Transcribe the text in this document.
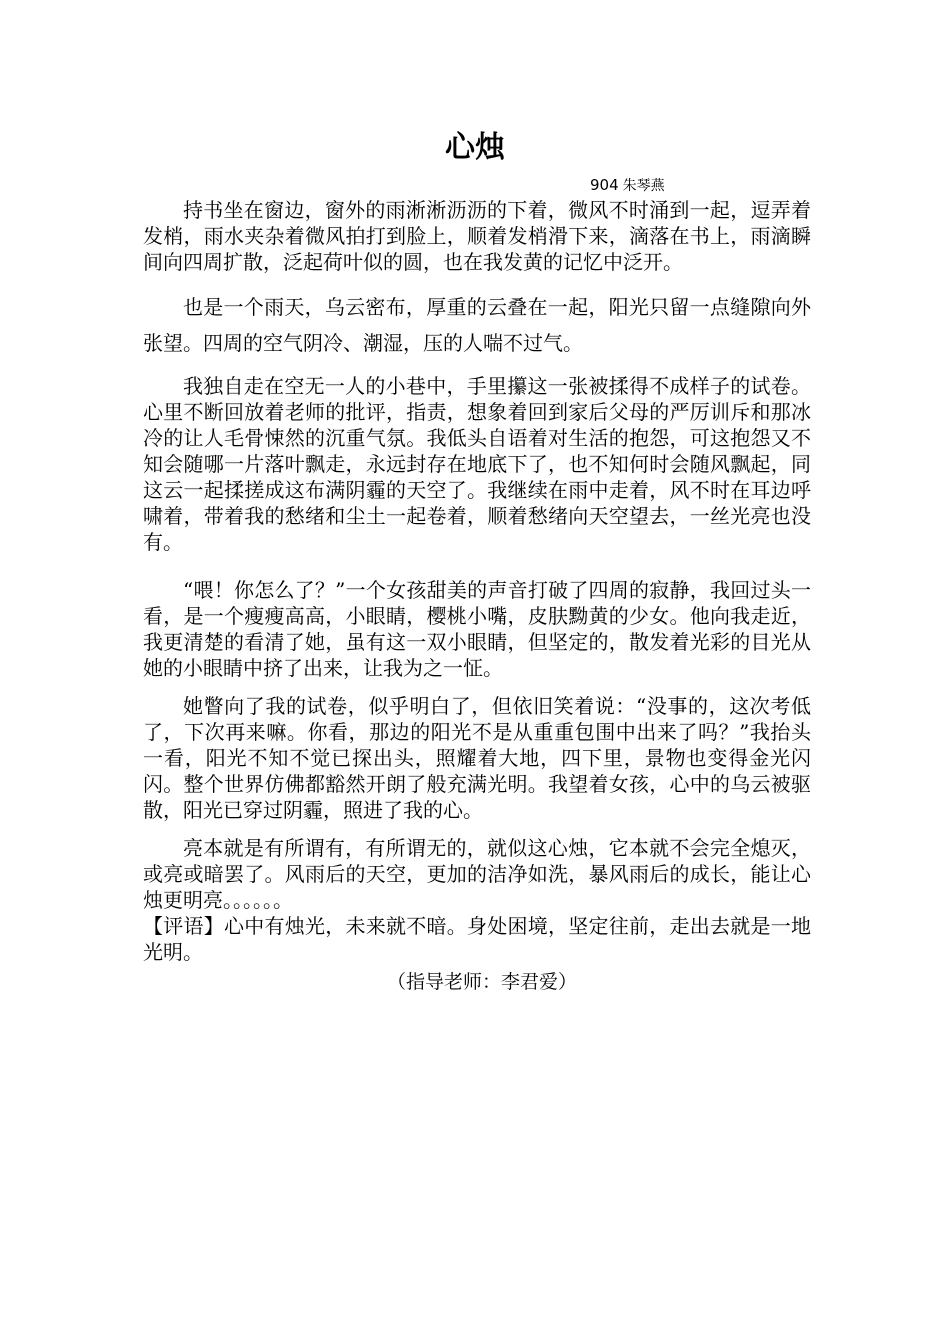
心烛
904 朱琴燕

持书坐在窗边，窗外的雨淅淅沥沥的下着，微风不时涌到一起，逗弄着发梢，雨水夹杂着微风拍打到脸上，顺着发梢滑下来，滴落在书上，雨滴瞬间向四周扩散，泛起荷叶似的圆，也在我发黄的记忆中泛开。

也是一个雨天，乌云密布，厚重的云叠在一起，阳光只留一点缝隙向外张望。四周的空气阴冷、潮湿，压的人喘不过气。

我独自走在空无一人的小巷中，手里攥这一张被揉得不成样子的试卷。心里不断回放着老师的批评，指责，想象着回到家后父母的严厉训斥和那冰冷的让人毛骨悚然的沉重气氛。我低头自语着对生活的抱怨，可这抱怨又不知会随哪一片落叶飘走，永远封存在地底下了，也不知何时会随风飘起，同这云一起揉搓成这布满阴霾的天空了。我继续在雨中走着，风不时在耳边呼啸着，带着我的愁绪和尘土一起卷着，顺着愁绪向天空望去，一丝光亮也没有。

“喂！你怎么了？”一个女孩甜美的声音打破了四周的寂静，我回过头一看，是一个瘦瘦高高，小眼睛，樱桃小嘴，皮肤黝黄的少女。他向我走近，我更清楚的看清了她，虽有这一双小眼睛，但坚定的，散发着光彩的目光从她的小眼睛中挤了出来，让我为之一怔。

她瞥向了我的试卷，似乎明白了，但依旧笑着说：“没事的，这次考低了，下次再来嘛。你看，那边的阳光不是从重重包围中出来了吗？”我抬头一看，阳光不知不觉已探出头，照耀着大地，四下里，景物也变得金光闪闪。整个世界仿佛都豁然开朗了般充满光明。我望着女孩，心中的乌云被驱散，阳光已穿过阴霾，照进了我的心。

亮本就是有所谓有，有所谓无的，就似这心烛，它本就不会完全熄灭，或亮或暗罢了。风雨后的天空，更加的洁净如洗，暴风雨后的成长，能让心烛更明亮。。。。。。

【评语】心中有烛光，未来就不暗。身处困境，坚定往前，走出去就是一地光明。

（指导老师：李君爱）
